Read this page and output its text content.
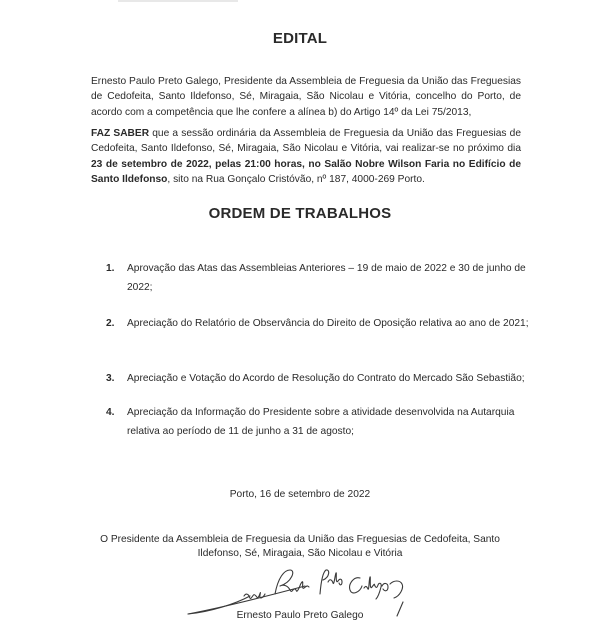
EDITAL
Ernesto Paulo Preto Galego, Presidente da Assembleia de Freguesia da União das Freguesias de Cedofeita, Santo Ildefonso, Sé, Miragaia, São Nicolau e Vitória, concelho do Porto, de acordo com a competência que lhe confere a alínea b) do Artigo 14º da Lei 75/2013,
FAZ SABER que a sessão ordinária da Assembleia de Freguesia da União das Freguesias de Cedofeita, Santo Ildefonso, Sé, Miragaia, São Nicolau e Vitória, vai realizar-se no próximo dia 23 de setembro de 2022, pelas 21:00 horas, no Salão Nobre Wilson Faria no Edifício de Santo Ildefonso, sito na Rua Gonçalo Cristóvão, nº 187, 4000-269 Porto.
ORDEM DE TRABALHOS
1. Aprovação das Atas das Assembleias Anteriores – 19 de maio de 2022 e 30 de junho de 2022;
2. Apreciação do Relatório de Observância do Direito de Oposição relativa ao ano de 2021;
3. Apreciação e Votação do Acordo de Resolução do Contrato do Mercado São Sebastião;
4. Apreciação da Informação do Presidente sobre a atividade desenvolvida na Autarquia relativa ao período de 11 de junho a 31 de agosto;
Porto, 16 de setembro de 2022
O Presidente da Assembleia de Freguesia da União das Freguesias de Cedofeita, Santo Ildefonso, Sé, Miragaia, São Nicolau e Vitória
Ernesto Paulo Preto Galego
